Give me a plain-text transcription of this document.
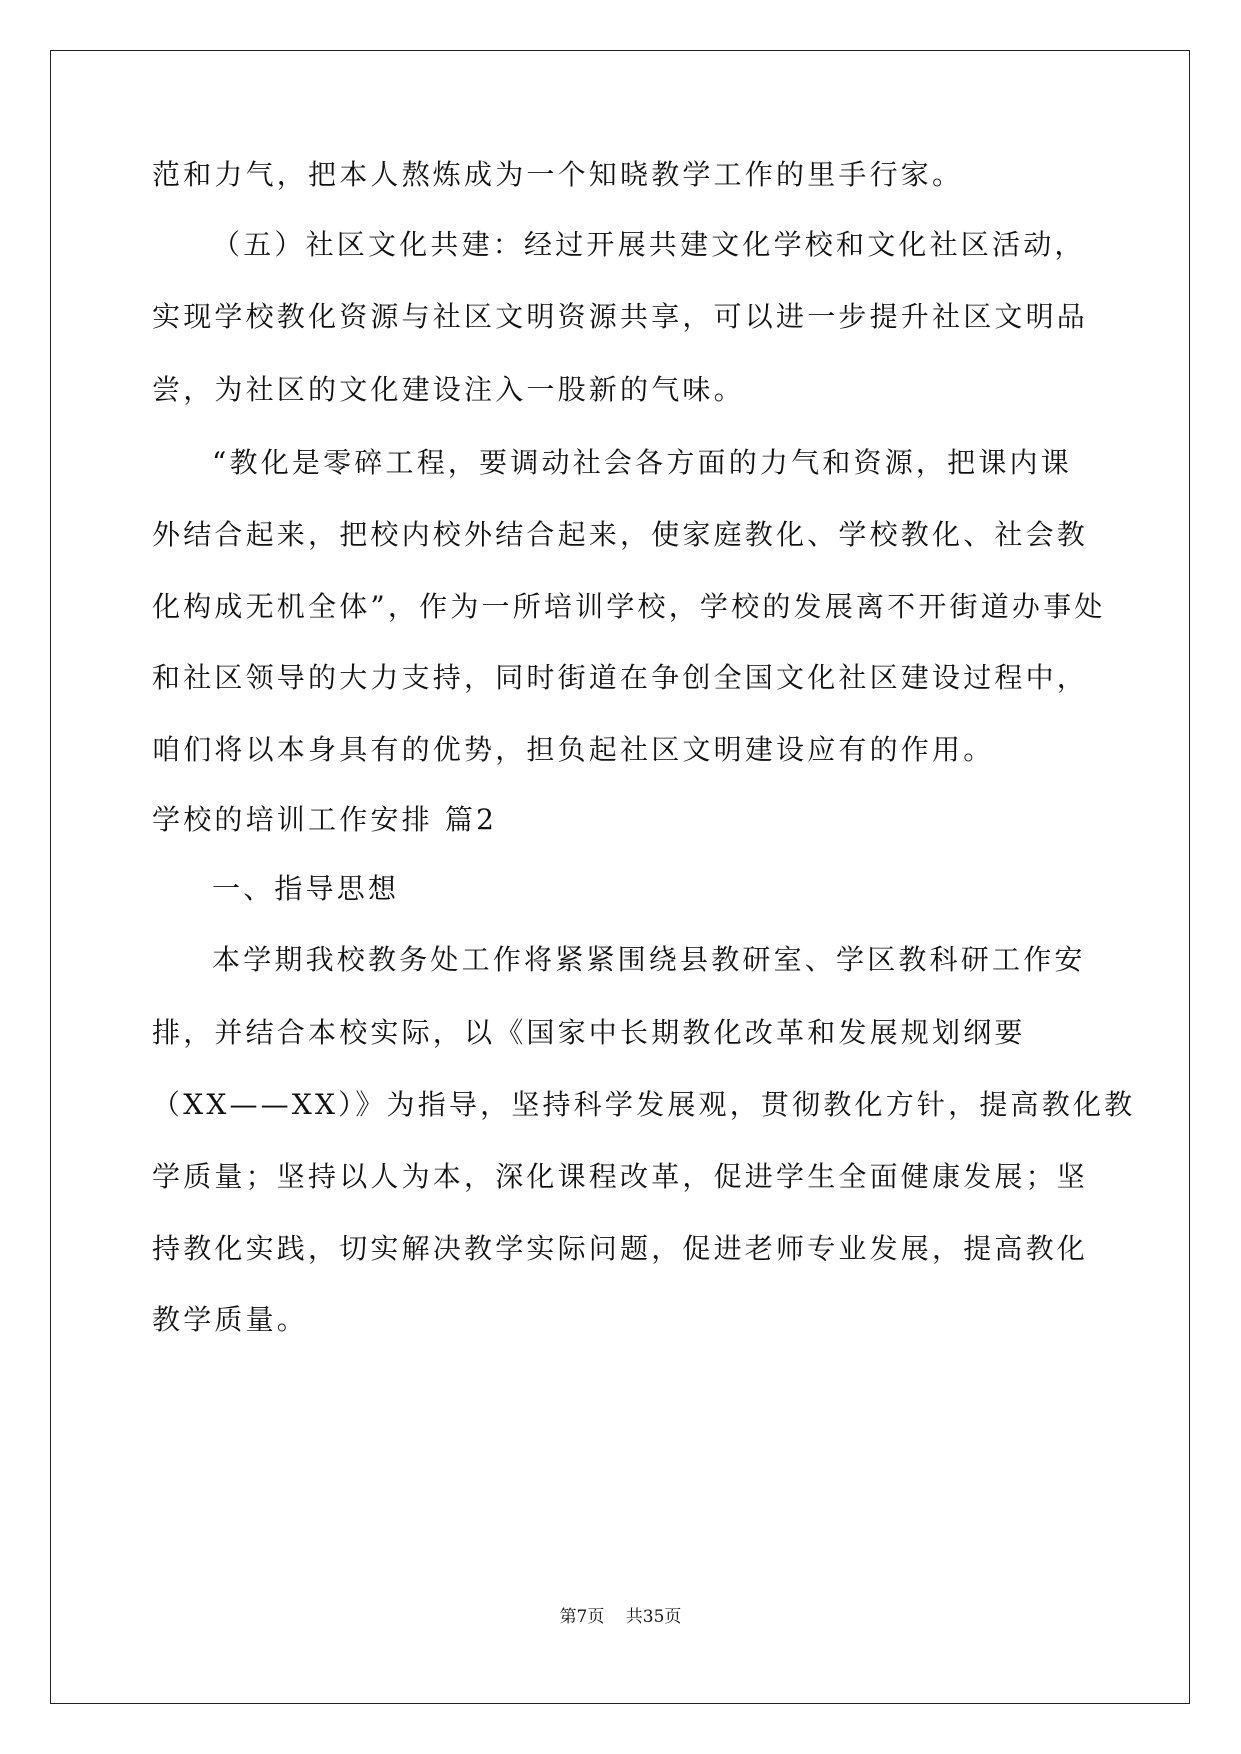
范和力气，把本人熬炼成为一个知晓教学工作的里手行家。
（五）社区文化共建：经过开展共建文化学校和文化社区活动，
实现学校教化资源与社区文明资源共享，可以进一步提升社区文明品
尝，为社区的文化建设注入一股新的气味。
“教化是零碎工程，要调动社会各方面的力气和资源，把课内课
外结合起来，把校内校外结合起来，使家庭教化、学校教化、社会教
化构成无机全体”，作为一所培训学校，学校的发展离不开街道办事处
和社区领导的大力支持，同时街道在争创全国文化社区建设过程中，
咱们将以本身具有的优势，担负起社区文明建设应有的作用。
学校的培训工作安排 篇2
一、指导思想
本学期我校教务处工作将紧紧围绕县教研室、学区教科研工作安
排，并结合本校实际，以《国家中长期教化改革和发展规划纲要
（XX——XX）》为指导，坚持科学发展观，贯彻教化方针，提高教化教
学质量；坚持以人为本，深化课程改革，促进学生全面健康发展；坚
持教化实践，切实解决教学实际问题，促进老师专业发展，提高教化
教学质量。
第7页 共35页
